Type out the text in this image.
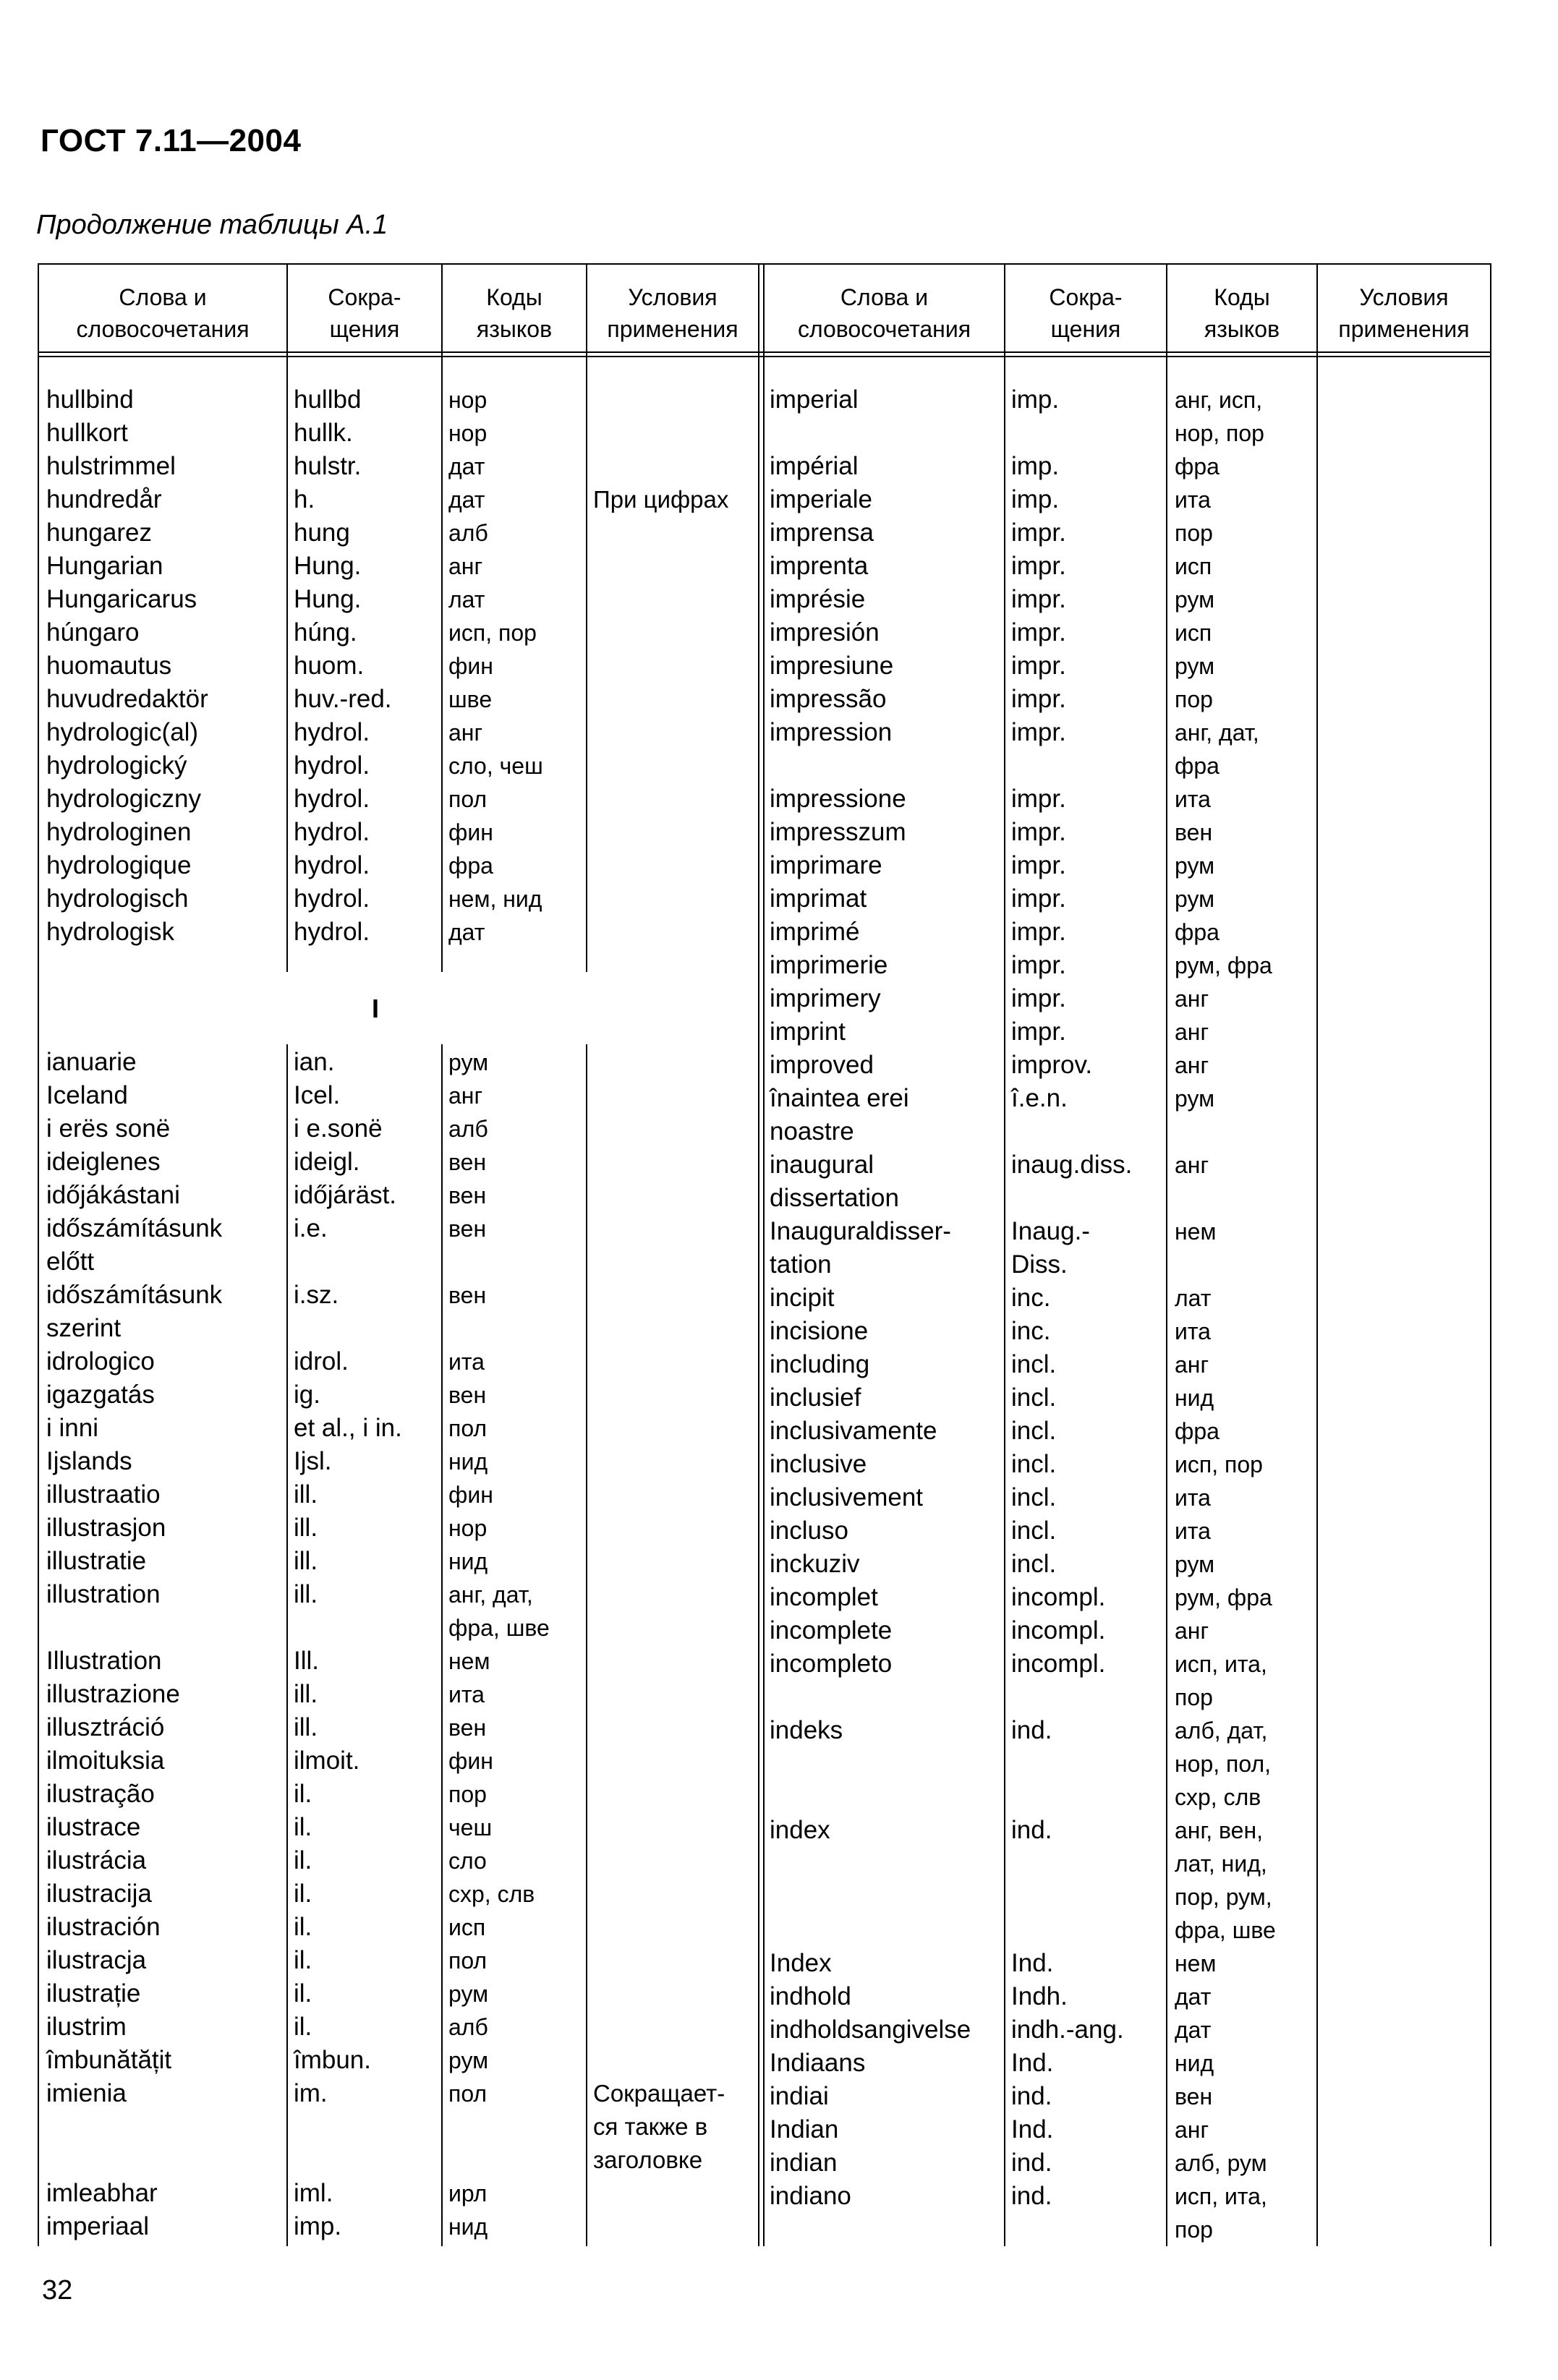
ГОСТ 7.11—2004
Продолжение таблицы А.1
Слова и
словосочетания
Сокра-
щения
Коды
языков
Условия
применения
Слова и
словосочетания
Сокра-
щения
Коды
языков
Условия
применения
hullbind
hullkort
hulstrimmel
hundredår
hungarez
Hungarian
Hungaricarus
húngaro
huomautus
huvudredaktör
hydrologic(al)
hydrologický
hydrologiczny
hydrologinen
hydrologique
hydrologisch
hydrologisk
hullbd
hullk.
hulstr.
h.
hung
Hung.
Hung.
húng.
huom.
huv.-red.
hydrol.
hydrol.
hydrol.
hydrol.
hydrol.
hydrol.
hydrol.
нор
нор
дат
дат
алб
анг
лат
исп, пор
фин
шве
анг
сло, чеш
пол
фин
фра
нем, нид
дат
При цифрах
I
ianuarie
Iceland
i erës sonë
ideiglenes
időjákástani
időszámításunk
előtt
időszámításunk
szerint
idrologico
igazgatás
i inni
Ijslands
illustraatio
illustrasjon
illustratie
illustration

Illustration
illustrazione
illusztráció
ilmoituksia
ilustração
ilustrace
ilustrácia
ilustracija
ilustración
ilustracja
ilustrație
ilustrim
îmbunătățit
imienia

imleabhar
imperiaal
ian.
Icel.
i e.sonë
ideigl.
időjáräst.
i.e.

i.sz.

idrol.
ig.
et al., i in.
Ijsl.
ill.
ill.
ill.
ill.

Ill.
ill.
ill.
ilmoit.
il.
il.
il.
il.
il.
il.
il.
il.
îmbun.
im.

iml.
imp.
рум
анг
алб
вен
вен
вен

вен

ита
вен
пол
нид
фин
нор
нид
анг, дат,
фра, шве
нем
ита
вен
фин
пор
чеш
сло
схр, слв
исп
пол
рум
алб
рум
пол

ирл
нид
Сокращает-
ся также в
заголовке
imperial

impérial
imperiale
imprensa
imprenta
imprésie
impresión
impresiune
impressão
impression

impressione
impresszum
imprimare
imprimat
imprimé
imprimerie
imprimery
imprint
improved
înaintea erei
noastre
inaugural
dissertation
Inauguraldisser-
tation
incipit
incisione
including
inclusief
inclusivamente
inclusive
inclusivement
incluso
inckuziv
incomplet
incomplete
incompleto

indeks

index

Index
indhold
indholdsangivelse
Indiaans
indiai
Indian
indian
indiano
imp.

imp.
imp.
impr.
impr.
impr.
impr.
impr.
impr.
impr.

impr.
impr.
impr.
impr.
impr.
impr.
impr.
impr.
improv.
î.e.n.

inaug.diss.

Inaug.-
Diss.
inc.
inc.
incl.
incl.
incl.
incl.
incl.
incl.
incl.
incompl.
incompl.
incompl.

ind.

ind.

Ind.
Indh.
indh.-ang.
Ind.
ind.
Ind.
ind.
ind.
анг, исп,
нор, пор
фра
ита
пор
исп
рум
исп
рум
пор
анг, дат,
фра
ита
вен
рум
рум
фра
рум, фра
анг
анг
анг
рум

анг

нем

лат
ита
анг
нид
фра
исп, пор
ита
ита
рум
рум, фра
анг
исп, ита,
пор
алб, дат,
нор, пол,
схр, слв
анг, вен,
лат, нид,
пор, рум,
фра, шве
нем
дат
дат
нид
вен
анг
алб, рум
исп, ита,
пор
32
